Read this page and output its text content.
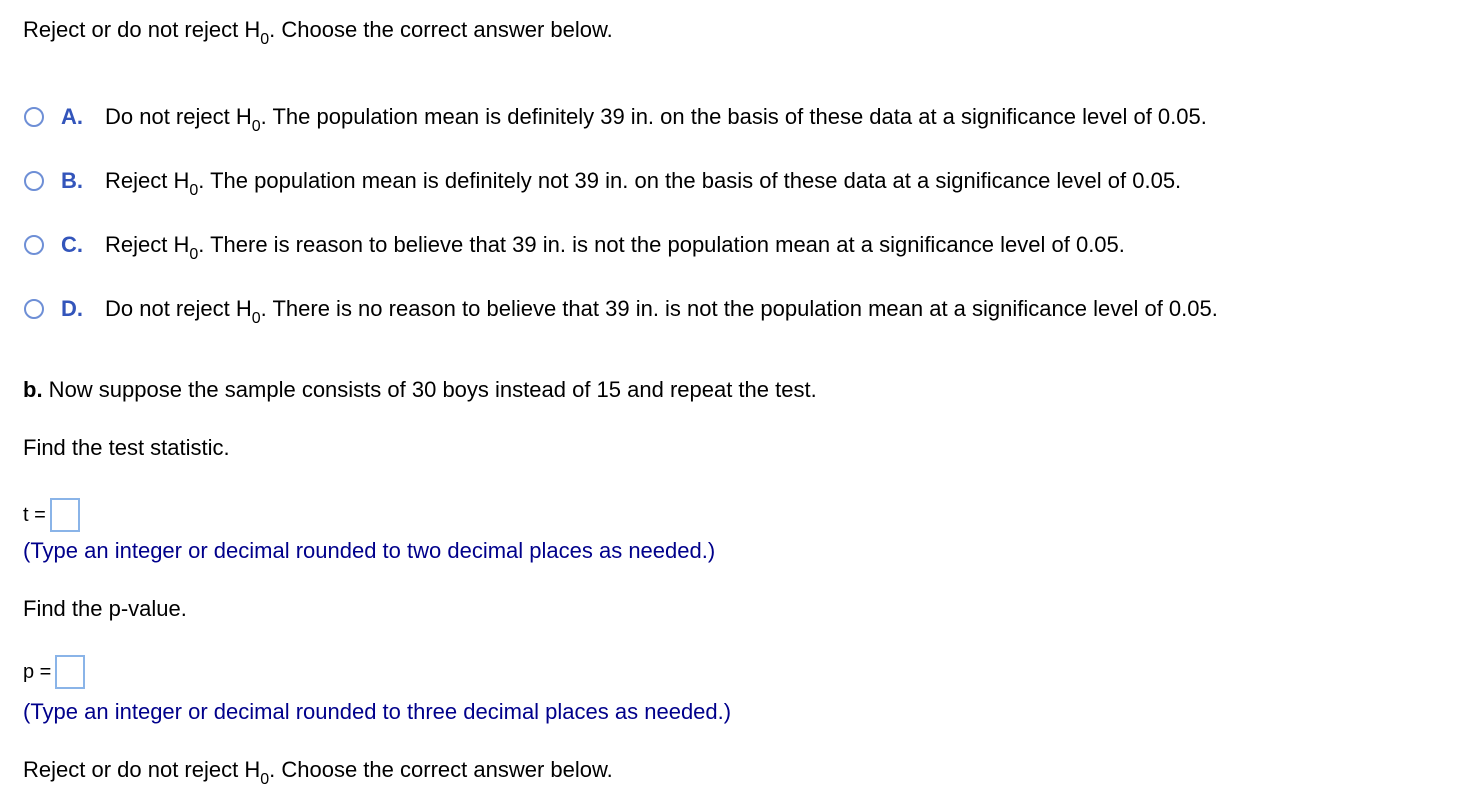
Reject or do not reject $H_0$. Choose the correct answer below.
A.	Do not reject $H_0$. The population mean is definitely 39 in. on the basis of these data at a significance level of 0.05.
B.	Reject $H_0$. The population mean is definitely not 39 in. on the basis of these data at a significance level of 0.05.
C.	Reject $H_0$. There is reason to believe that 39 in. is not the population mean at a significance level of 0.05.
D.	Do not reject $H_0$. There is no reason to believe that 39 in. is not the population mean at a significance level of 0.05.
b. Now suppose the sample consists of 30 boys instead of 15 and repeat the test.
Find the test statistic.
t =
(Type an integer or decimal rounded to two decimal places as needed.)
Find the p-value.
p =
(Type an integer or decimal rounded to three decimal places as needed.)
Reject or do not reject $H_0$. Choose the correct answer below.
